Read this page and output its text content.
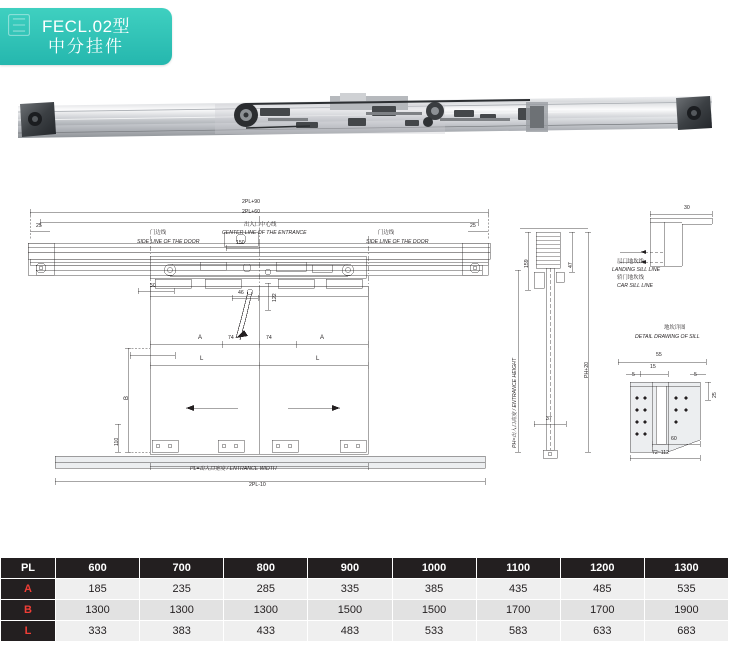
FECL.02型
中分挂件
2PL+90
2PL+60
25	25
门边线
SIDE LINE OF THE DOOR
门边线
SIDE LINE OF THE DOOR
出入口中心线
CENTER LINE OF THE ENTRANCE
150
50
46
122
74	74
A	A
L	L
B
110
PL=出入口宽度 / ENTRANCE WIDTH
2PL-10
PH=出入口高度 / ENTRANCE HEIGHT
159	47
PH+20
37
30
层门地坎线
LANDING SILL LINE
轿门地坎线
CAR SILL LINE
地坎详图
DETAIL DRAWING OF SILL
55
15
5	5
25
60
72~112
PL	600	700	800	900	1000	1100	1200	1300
A	185	235	285	335	385	435	485	535
B	1300	1300	1300	1500	1500	1700	1700	1900
L	333	383	433	483	533	583	633	683
